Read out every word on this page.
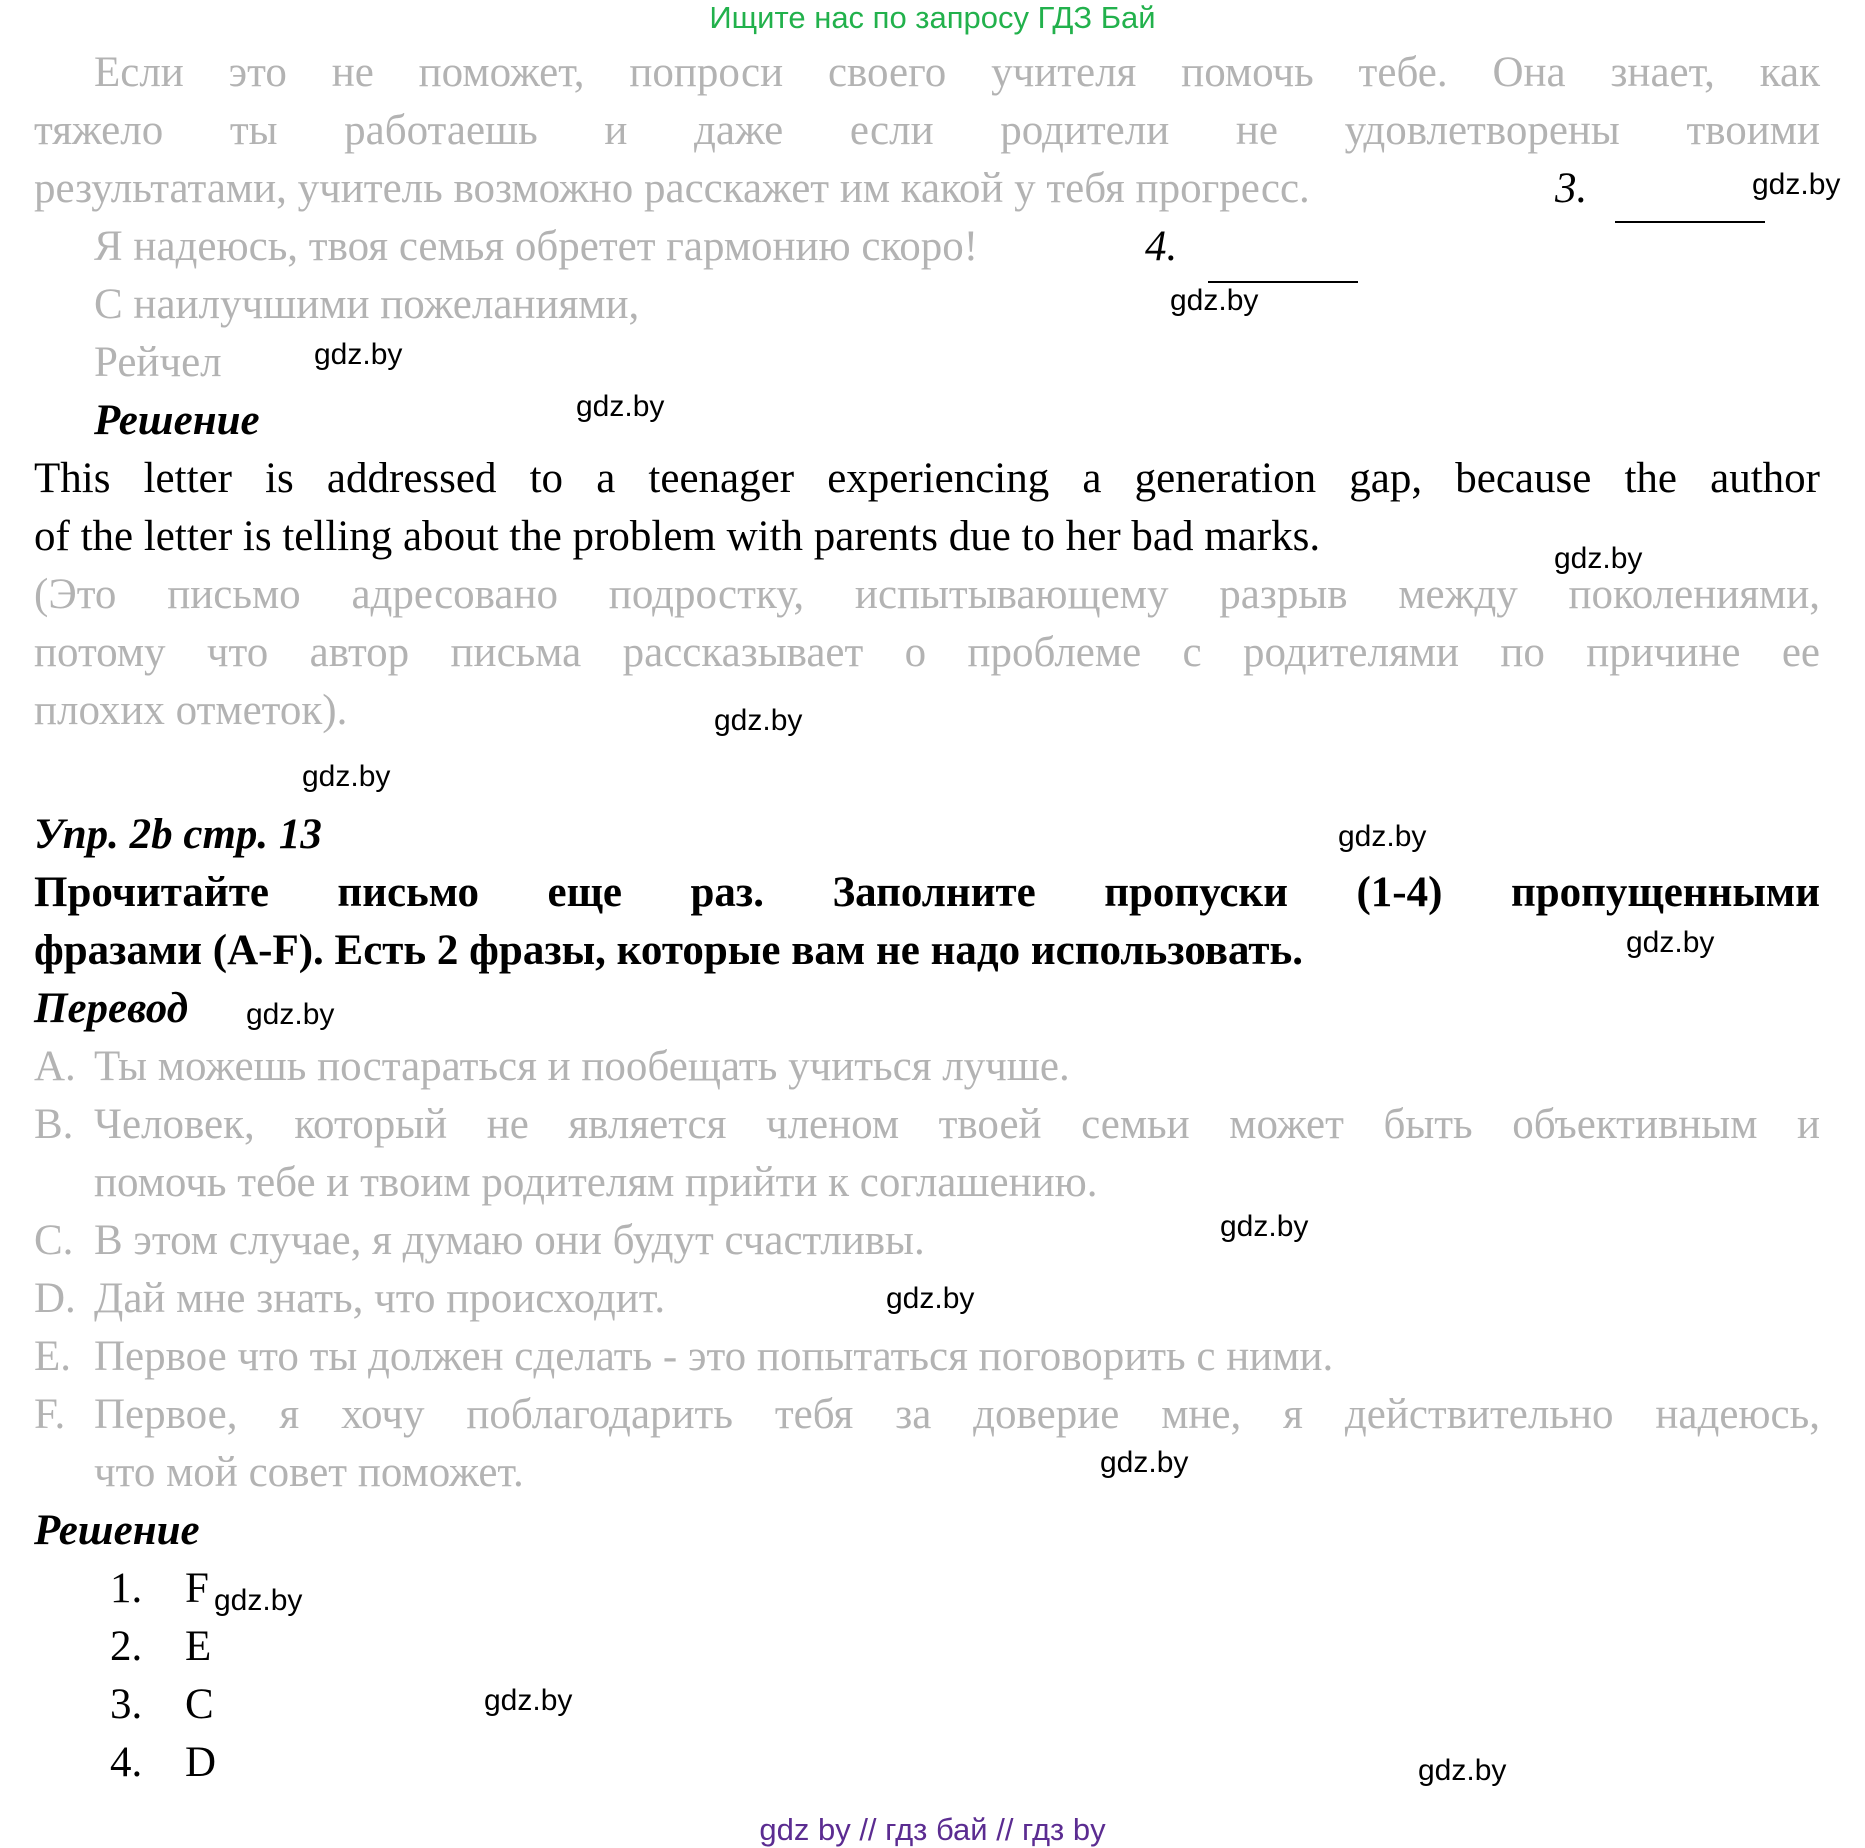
Ищите нас по запросу ГДЗ Бай
Если это не поможет, попроси своего учителя помочь тебе. Она знает, как
тяжело ты работаешь и даже если родители не удовлетворены твоими
результатами, учитель возможно расскажет им какой у тебя прогресс.	3.
Я надеюсь, твоя семья обретет гармонию скоро!	4.
С наилучшими пожеланиями,
Рейчел
Решение
This letter is addressed to a teenager experiencing a generation gap, because the author
of the letter is telling about the problem with parents due to her bad marks.
(Это письмо адресовано подростку, испытывающему разрыв между поколениями,
потому что автор письма рассказывает о проблеме с родителями по причине ее
плохих отметок).
Упр. 2b стр. 13
Прочитайте письмо еще раз. Заполните пропуски (1-4) пропущенными
фразами (A-F). Есть 2 фразы, которые вам не надо использовать.
Перевод
A. Ты можешь постараться и пообещать учиться лучше.
B. Человек, который не является членом твоей семьи может быть объективным и
помочь тебе и твоим родителям прийти к соглашению.
C. В этом случае, я думаю они будут счастливы.
D. Дай мне знать, что происходит.
E. Первое что ты должен сделать - это попытаться поговорить с ними.
F. Первое, я хочу поблагодарить тебя за доверие мне, я действительно надеюсь,
что мой совет поможет.
Решение
1. F
2. E
3. C
4. D
gdz.by
gdz.by
gdz.by
gdz.by
gdz.by
gdz.by
gdz.by
gdz.by
gdz.by
gdz.by
gdz.by
gdz.by
gdz.by
gdz.by
gdz.by
gdz.by
gdz by // гдз бай // гдз by
